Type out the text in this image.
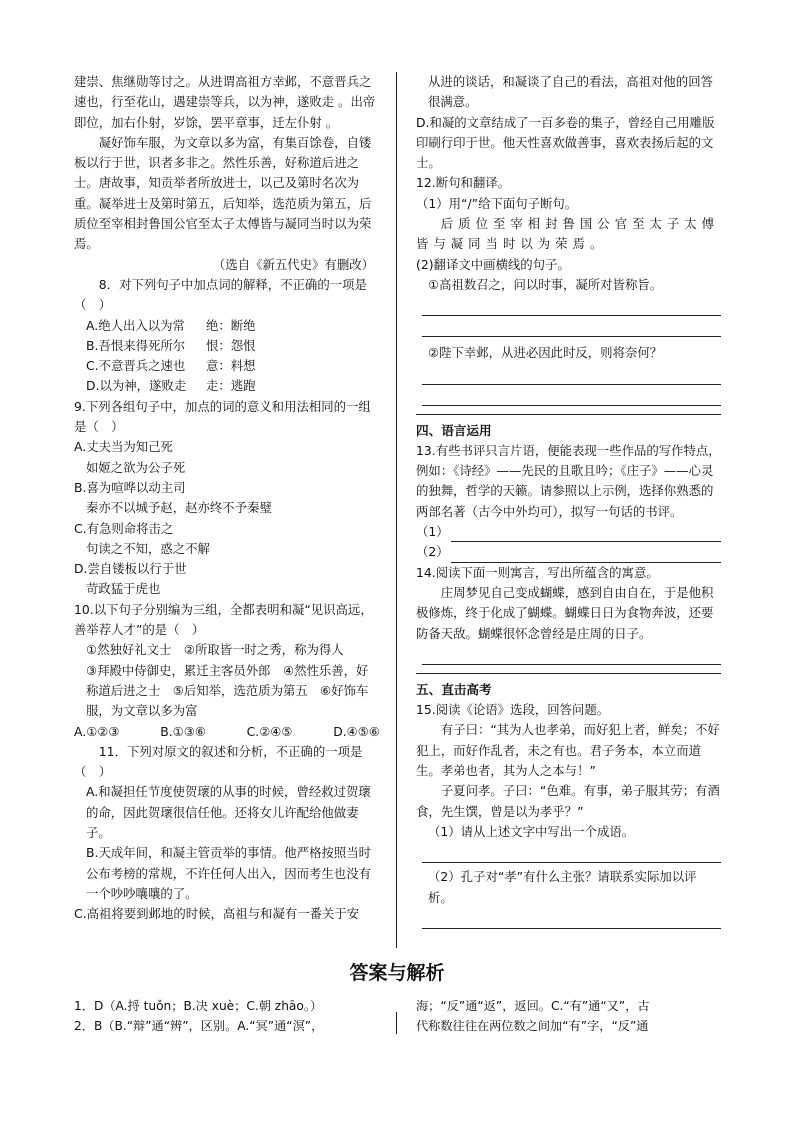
建崇、焦继勋等讨之。从进谓高祖方幸邺，不意晋兵之速也，行至花山，遇建崇等兵，以为神，遂败走 。出帝即位，加右仆射，岁馀，罢平章事，迁左仆射 。

凝好饰车服，为文章以多为富，有集百馀卷，自镂板以行于世，识者多非之。然性乐善，好称道后进之士。唐故事，知贡举者所放进士，以己及第时名次为重。凝举进士及第时第五，后知举，选范质为第五，后质位至宰相封鲁国公官至太子太傅皆与凝同当时以为荣焉。

（选自《新五代史》有删改）

8．对下列句子中加点词的解释，不正确的一项是（　）

A.绝人出入以为常	绝：断绝
B.吾恨来得死所尔	恨：怨恨
C.不意晋兵之速也	意：料想
D.以为神，遂败走	走：逃跑

9.下列各组句子中，加点的词的意义和用法相同的一组是（　）

A.丈夫当为知己死

如姬之欲为公子死

B.喜为喧哗以动主司

秦亦不以城予赵，赵亦终不予秦璧

C.有急则命将击之

句读之不知，惑之不解

D.尝自镂板以行于世

苛政猛于虎也

10.以下句子分别编为三组，全都表明和凝“见识高远，善举荐人才”的是（　）

①然独好礼文士　②所取皆一时之秀，称为得人

③拜殿中侍御史，累迁主客员外郎　④然性乐善，好称道后进之士　⑤后知举，选范质为第五　⑥好饰车服，为文章以多为富

A.①②③	B.①③⑥	C.②④⑤	D.④⑤⑥

11．下列对原文的叙述和分析，不正确的一项是（　）

A.和凝担任节度使贺瓌的从事的时候，曾经救过贺瓌的命，因此贺瓌很信任他。还将女儿许配给他做妻子。

B.天成年间，和凝主管贡举的事情。他严格按照当时公布考榜的常规，不许任何人出入，因而考生也没有一个吵吵嚷嚷的了。

C.高祖将要到邺地的时候，高祖与和凝有一番关于安

从进的谈话，和凝谈了自己的看法，高祖对他的回答很满意。

D.和凝的文章结成了一百多卷的集子，曾经自己用雕版印刷行印于世。他天性喜欢做善事，喜欢表扬后起的文士。

12.断句和翻译。

（1）用“/”给下面句子断句。

后质位至宰相封鲁国公官至太子太傅皆与凝同当时以为荣焉。

(2)翻译文中画横线的句子。

①高祖数召之，问以时事，凝所对皆称旨。

②陛下幸邺，从进必因此时反，则将奈何？

四、语言运用

13.有些书评只言片语，便能表现一些作品的写作特点，例如：《诗经》——先民的且歌且吟；《庄子》——心灵的独舞，哲学的天籁。请参照以上示例，选择你熟悉的两部名著（古今中外均可），拟写一句话的书评。

（1）
（2）

14.阅读下面一则寓言，写出所蕴含的寓意。

庄周梦见自己变成蝴蝶，感到自由自在，于是他积极修炼，终于化成了蝴蝶。蝴蝶日日为食物奔波，还要防备天敌。蝴蝶很怀念曾经是庄周的日子。

五、直击高考

15.阅读《论语》选段，回答问题。

有子曰：“其为人也孝弟，而好犯上者，鲜矣；不好犯上，而好作乱者，未之有也。君子务本，本立而道生。孝弟也者，其为人之本与！”

子夏问孝。子曰：“色难。有事，弟子服其劳；有酒食，先生馔，曾是以为孝乎？”

（1）请从上述文字中写出一个成语。

（2）孔子对“孝”有什么主张？请联系实际加以评析。

答案与解析

1．D（A.捋 tuǒn；B.决 xuè；C.朝 zhāo。）

2．B（B.“辩”通“辨”，区别。A.“冥”通“溟”，

海；“反”通“返”，返回。C.“有”通“又”，古

代称数往往在两位数之间加“有”字，“反”通
